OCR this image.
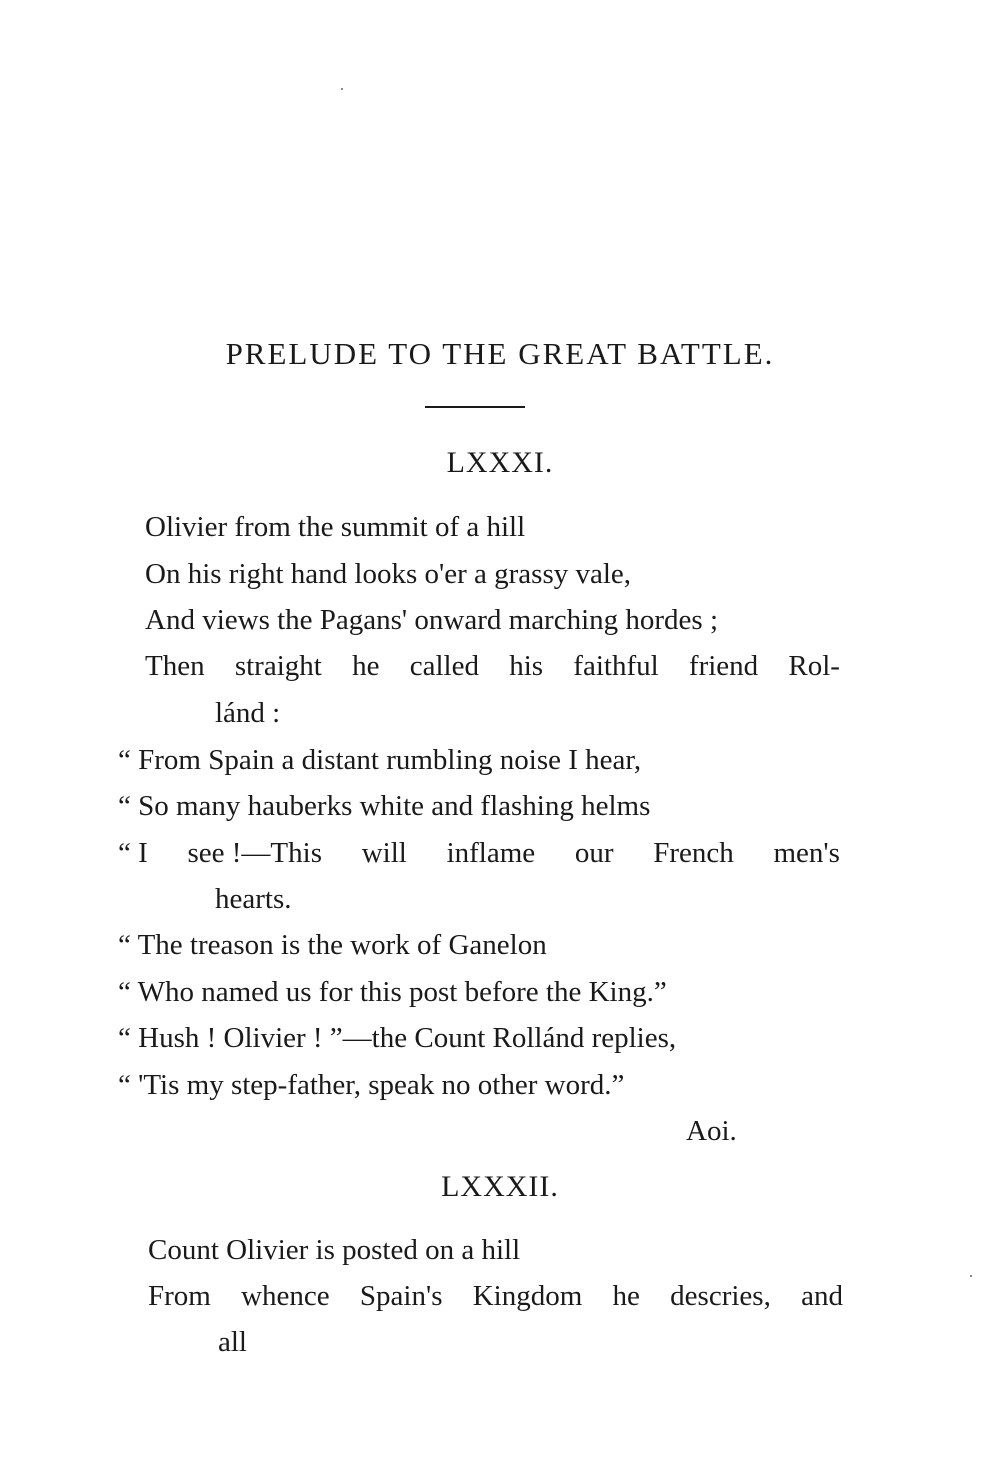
PRELUDE TO THE GREAT BATTLE.
LXXXI.
Olivier from the summit of a hill
On his right hand looks o'er a grassy vale,
And views the Pagans' onward marching hordes ;
Then straight he called his faithful friend Rol-
lánd :
“ From Spain a distant rumbling noise I hear,
“ So many hauberks white and flashing helms
“ I see !—This will inflame our French men's
hearts.
“ The treason is the work of Ganelon
“ Who named us for this post before the King.”
“ Hush ! Olivier ! ”—the Count Rollánd replies,
“ 'Tis my step-father, speak no other word.”
Aoi.
LXXXII.
Count Olivier is posted on a hill
From whence Spain's Kingdom he descries, and
all
